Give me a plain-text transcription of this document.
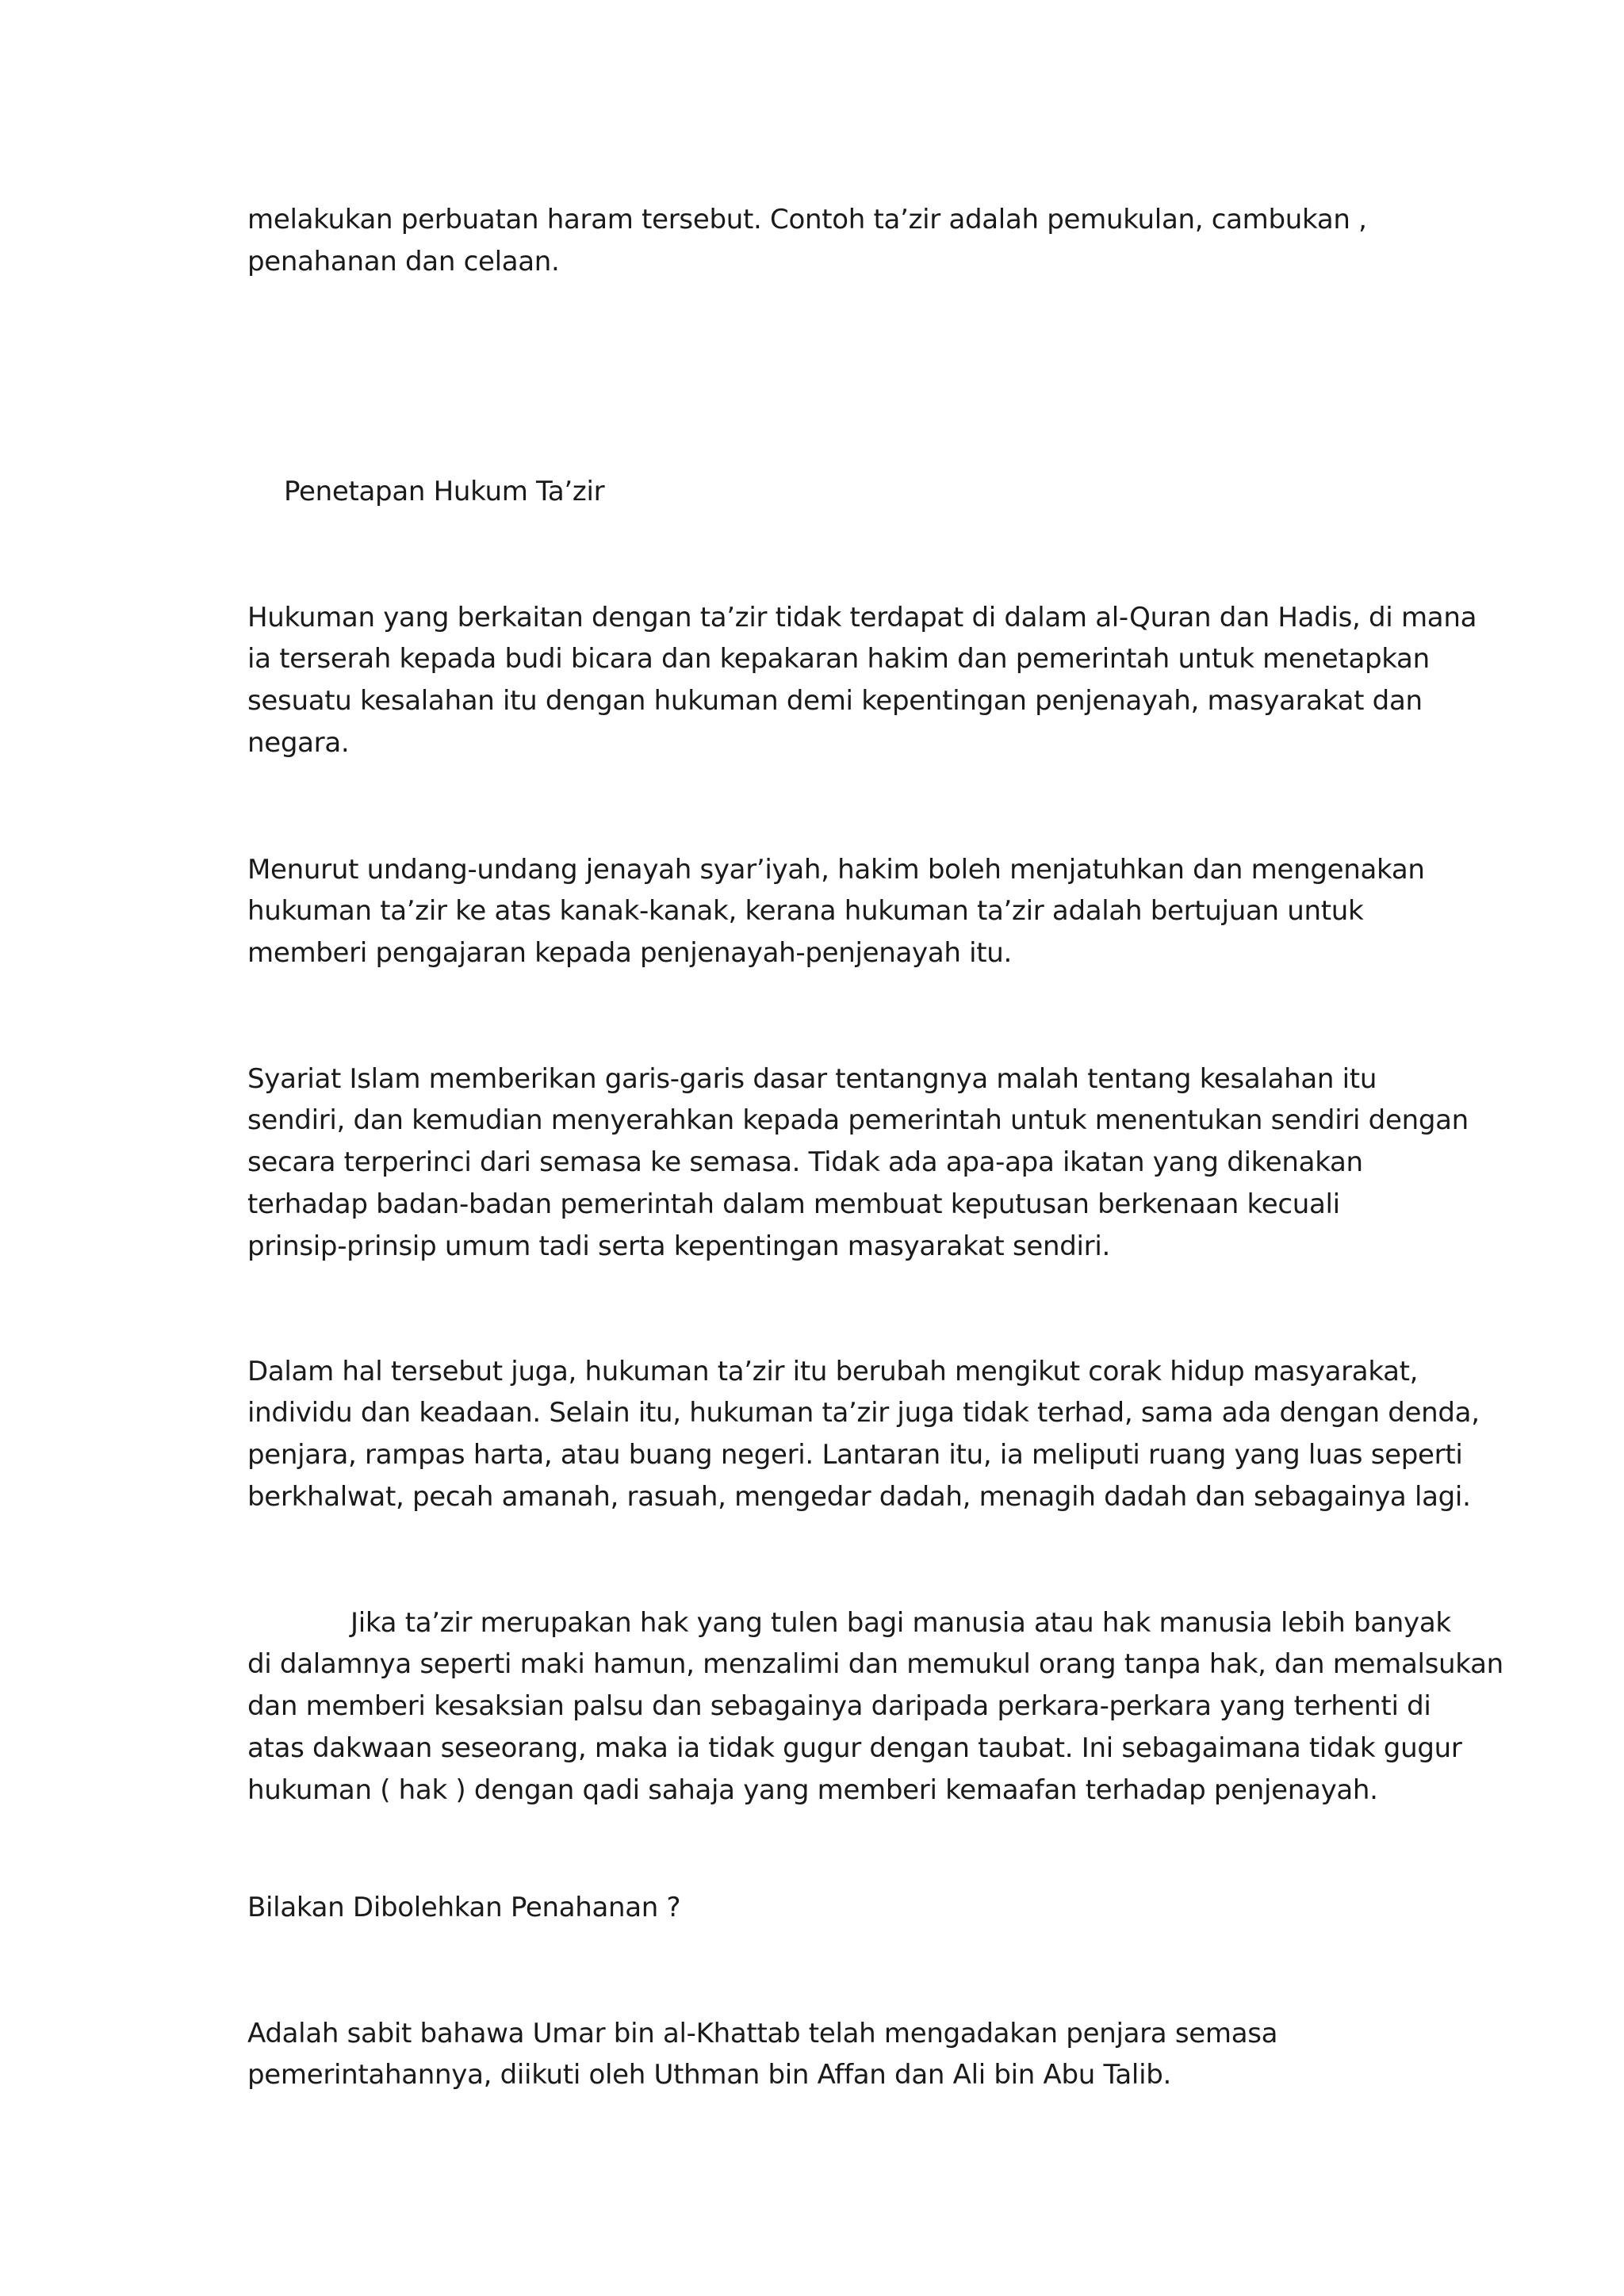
melakukan perbuatan haram tersebut. Contoh ta’zir adalah pemukulan, cambukan ,
penahanan dan celaan.
Penetapan Hukum Ta’zir
Hukuman yang berkaitan dengan ta’zir tidak terdapat di dalam al-Quran dan Hadis, di mana
ia terserah kepada budi bicara dan kepakaran hakim dan pemerintah untuk menetapkan
sesuatu kesalahan itu dengan hukuman demi kepentingan penjenayah, masyarakat dan
negara.
Menurut undang-undang jenayah syar’iyah, hakim boleh menjatuhkan dan mengenakan
hukuman ta’zir ke atas kanak-kanak, kerana hukuman ta’zir adalah bertujuan untuk
memberi pengajaran kepada penjenayah-penjenayah itu.
Syariat Islam memberikan garis-garis dasar tentangnya malah tentang kesalahan itu
sendiri, dan kemudian menyerahkan kepada pemerintah untuk menentukan sendiri dengan
secara terperinci dari semasa ke semasa. Tidak ada apa-apa ikatan yang dikenakan
terhadap badan-badan pemerintah dalam membuat keputusan berkenaan kecuali
prinsip-prinsip umum tadi serta kepentingan masyarakat sendiri.
Dalam hal tersebut juga, hukuman ta’zir itu berubah mengikut corak hidup masyarakat,
individu dan keadaan. Selain itu, hukuman ta’zir juga tidak terhad, sama ada dengan denda,
penjara, rampas harta, atau buang negeri. Lantaran itu, ia meliputi ruang yang luas seperti
berkhalwat, pecah amanah, rasuah, mengedar dadah, menagih dadah dan sebagainya lagi.
Jika ta’zir merupakan hak yang tulen bagi manusia atau hak manusia lebih banyak
di dalamnya seperti maki hamun, menzalimi dan memukul orang tanpa hak, dan memalsukan
dan memberi kesaksian palsu dan sebagainya daripada perkara-perkara yang terhenti di
atas dakwaan seseorang, maka ia tidak gugur dengan taubat. Ini sebagaimana tidak gugur
hukuman ( hak ) dengan qadi sahaja yang memberi kemaafan terhadap penjenayah.
Bilakan Dibolehkan Penahanan ?
Adalah sabit bahawa Umar bin al-Khattab telah mengadakan penjara semasa
pemerintahannya, diikuti oleh Uthman bin Affan dan Ali bin Abu Talib.
